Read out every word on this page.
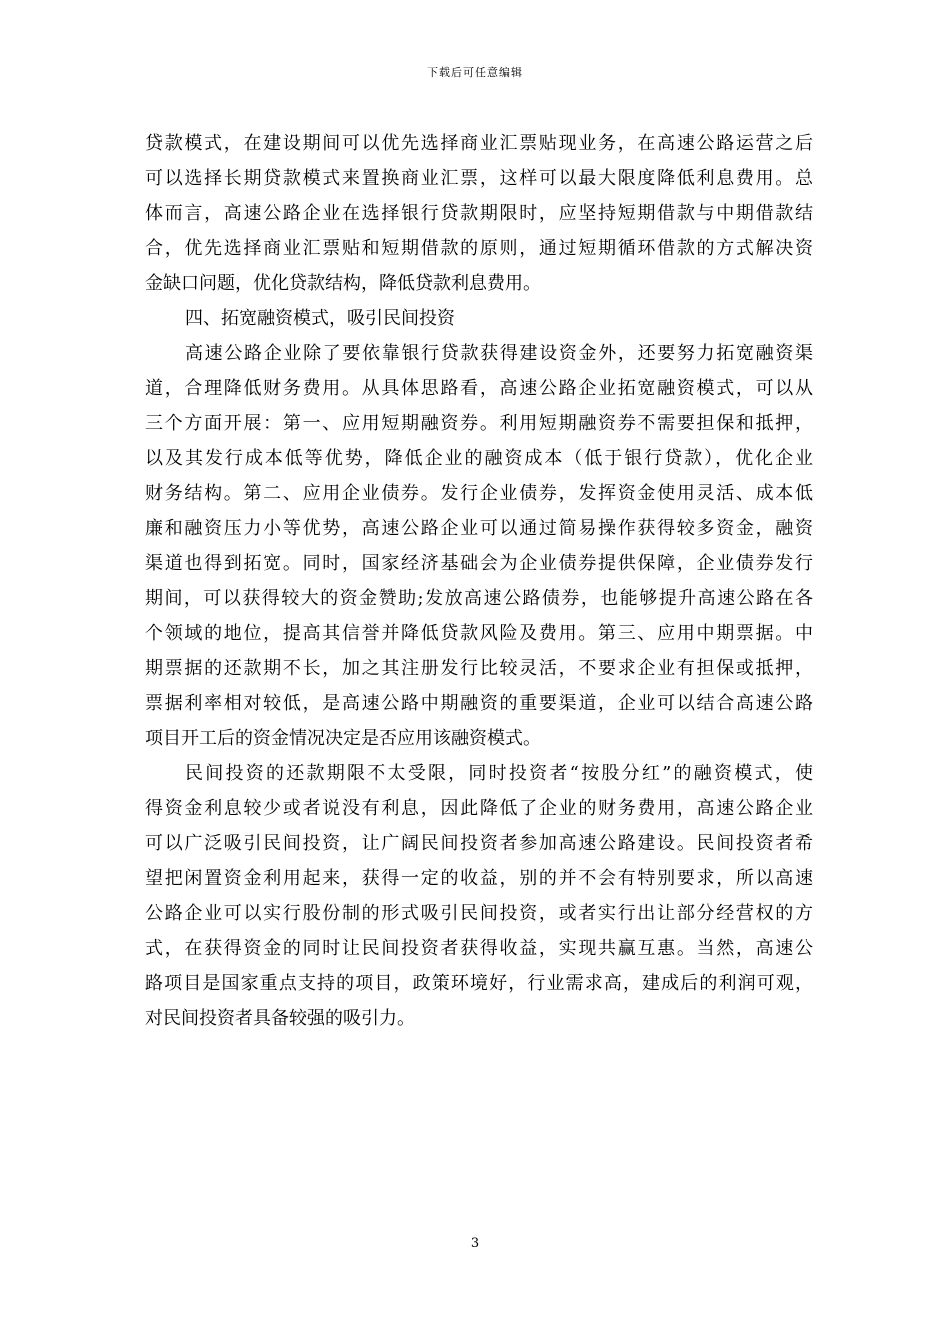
下载后可任意编辑
贷款模式，在建设期间可以优先选择商业汇票贴现业务，在高速公路运营之后
可以选择长期贷款模式来置换商业汇票，这样可以最大限度降低利息费用。总
体而言，高速公路企业在选择银行贷款期限时，应坚持短期借款与中期借款结
合，优先选择商业汇票贴和短期借款的原则，通过短期循环借款的方式解决资
金缺口问题，优化贷款结构，降低贷款利息费用。
四、拓宽融资模式，吸引民间投资
高速公路企业除了要依靠银行贷款获得建设资金外，还要努力拓宽融资渠
道，合理降低财务费用。从具体思路看，高速公路企业拓宽融资模式，可以从
三个方面开展：第一、应用短期融资券。利用短期融资券不需要担保和抵押，
以及其发行成本低等优势，降低企业的融资成本（低于银行贷款），优化企业
财务结构。第二、应用企业债券。发行企业债券，发挥资金使用灵活、成本低
廉和融资压力小等优势，高速公路企业可以通过简易操作获得较多资金，融资
渠道也得到拓宽。同时，国家经济基础会为企业债券提供保障，企业债券发行
期间，可以获得较大的资金赞助;发放高速公路债券，也能够提升高速公路在各
个领域的地位，提高其信誉并降低贷款风险及费用。第三、应用中期票据。中
期票据的还款期不长，加之其注册发行比较灵活，不要求企业有担保或抵押，
票据利率相对较低，是高速公路中期融资的重要渠道，企业可以结合高速公路
项目开工后的资金情况决定是否应用该融资模式。
民间投资的还款期限不太受限，同时投资者“按股分红”的融资模式，使
得资金利息较少或者说没有利息，因此降低了企业的财务费用，高速公路企业
可以广泛吸引民间投资，让广阔民间投资者参加高速公路建设。民间投资者希
望把闲置资金利用起来，获得一定的收益，别的并不会有特别要求，所以高速
公路企业可以实行股份制的形式吸引民间投资，或者实行出让部分经营权的方
式，在获得资金的同时让民间投资者获得收益，实现共赢互惠。当然，高速公
路项目是国家重点支持的项目，政策环境好，行业需求高，建成后的利润可观，
对民间投资者具备较强的吸引力。
3
